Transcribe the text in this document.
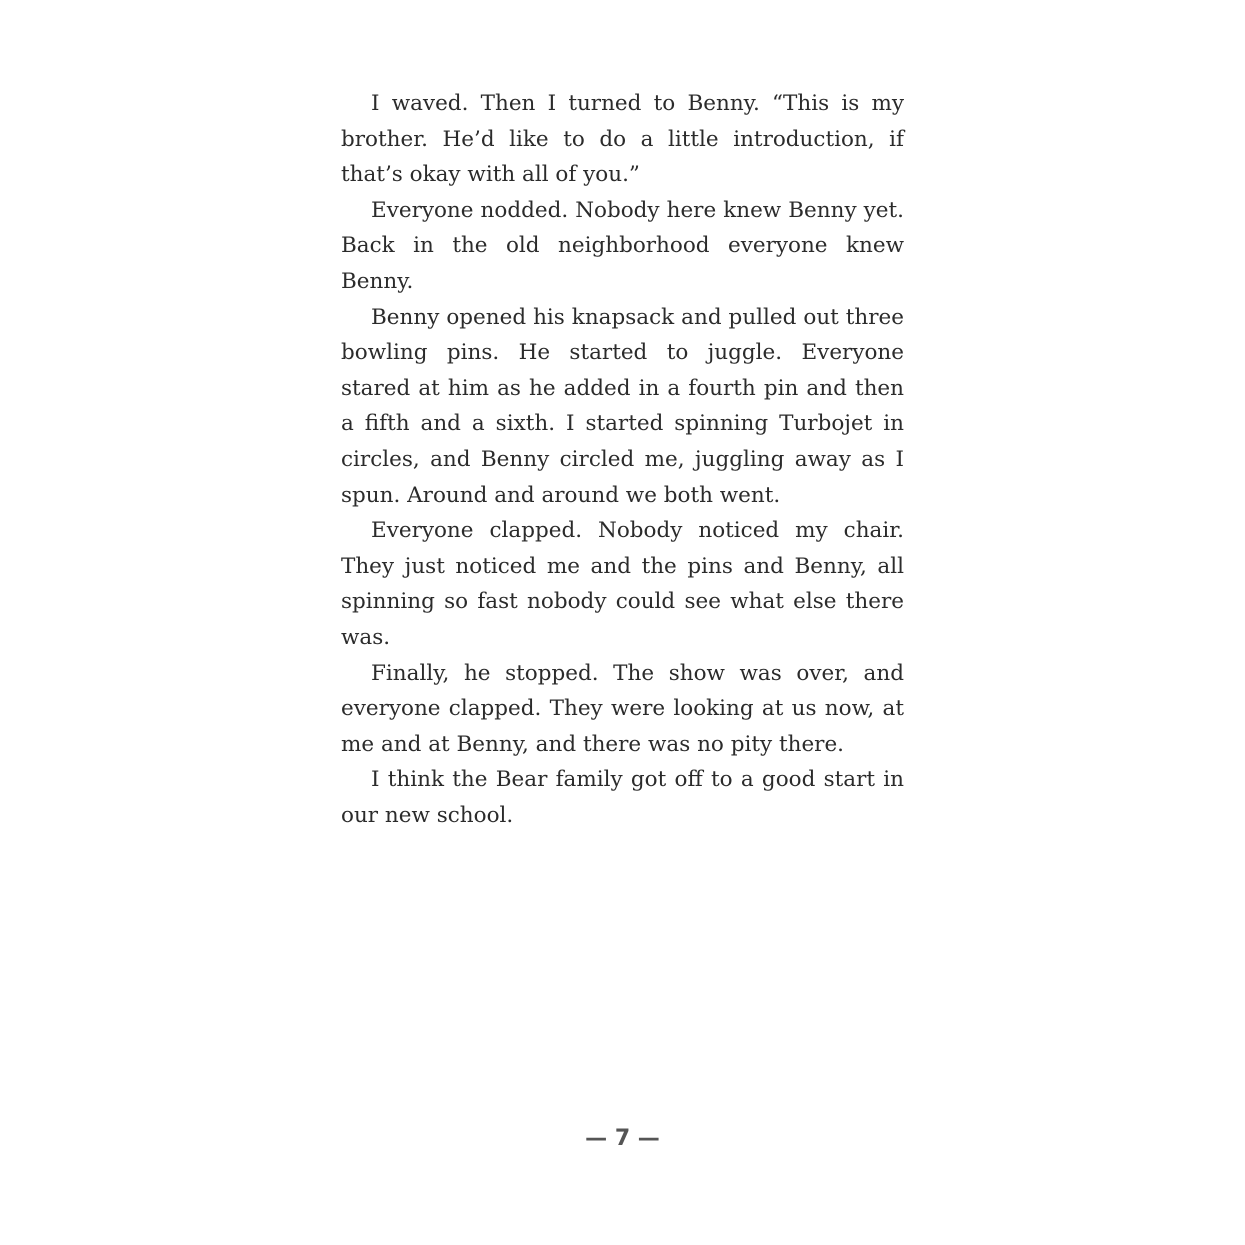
I waved. Then I turned to Benny. “This is my brother. He’d like to do a little introduction, if that’s okay with all of you.”

Everyone nodded. Nobody here knew Benny yet. Back in the old neighborhood everyone knew Benny.

Benny opened his knapsack and pulled out three bowling pins. He started to juggle. Everyone stared at him as he added in a fourth pin and then a fifth and a sixth. I started spinning Turbojet in circles, and Benny circled me, juggling away as I spun. Around and around we both went.

Everyone clapped. Nobody noticed my chair. They just noticed me and the pins and Benny, all spinning so fast nobody could see what else there was.

Finally, he stopped. The show was over, and everyone clapped. They were looking at us now, at me and at Benny, and there was no pity there.

I think the Bear family got off to a good start in our new school.

— 7 —
